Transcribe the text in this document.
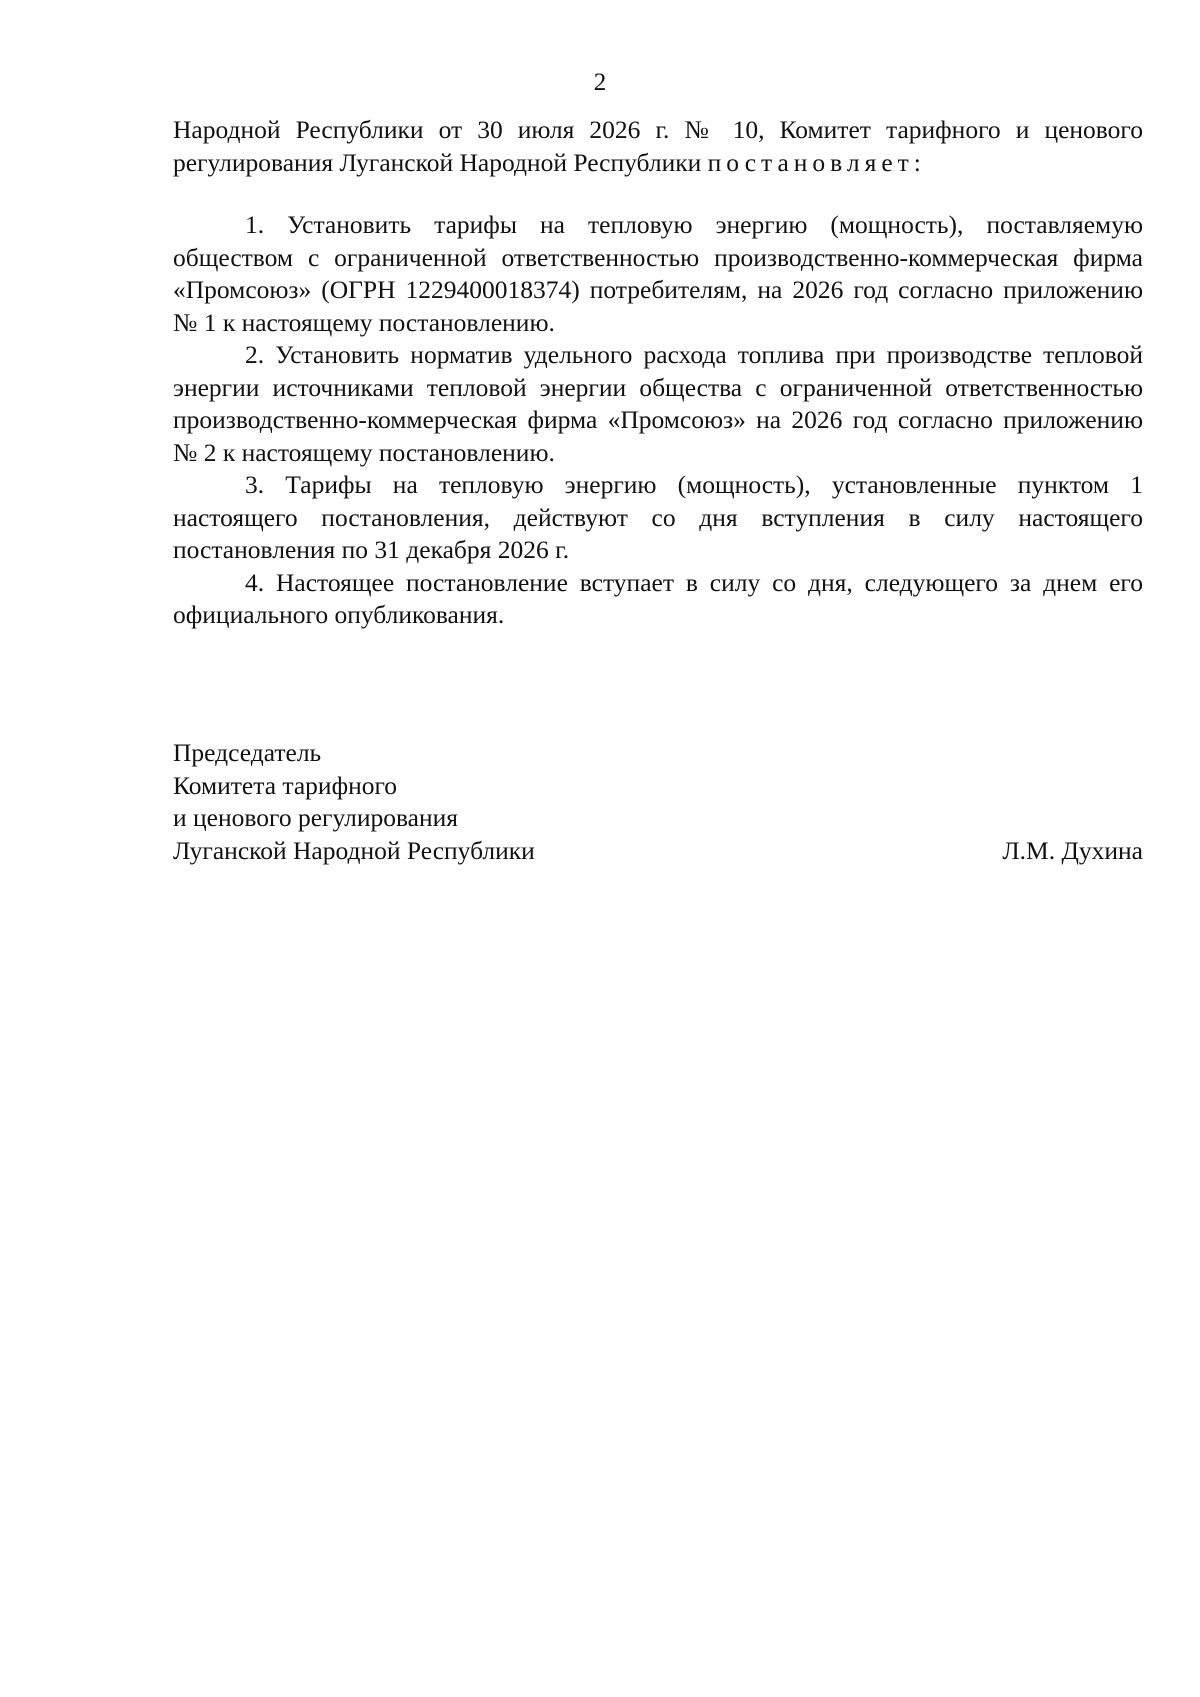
2

Народной Республики от 30 июля 2026 г. № 10, Комитет тарифного и ценового регулирования Луганской Народной Республики постановляет:

1. Установить тарифы на тепловую энергию (мощность), поставляемую обществом с ограниченной ответственностью производственно-коммерческая фирма «Промсоюз» (ОГРН 1229400018374) потребителям, на 2026 год согласно приложению № 1 к настоящему постановлению.

2. Установить норматив удельного расхода топлива при производстве тепловой энергии источниками тепловой энергии общества с ограниченной ответственностью производственно-коммерческая фирма «Промсоюз» на 2026 год согласно приложению № 2 к настоящему постановлению.

3. Тарифы на тепловую энергию (мощность), установленные пунктом 1 настоящего постановления, действуют со дня вступления в силу настоящего постановления по 31 декабря 2026 г.

4. Настоящее постановление вступает в силу со дня, следующего за днем его официального опубликования.

Председатель
Комитета тарифного
и ценового регулирования
Луганской Народной Республики	Л.М. Духина
